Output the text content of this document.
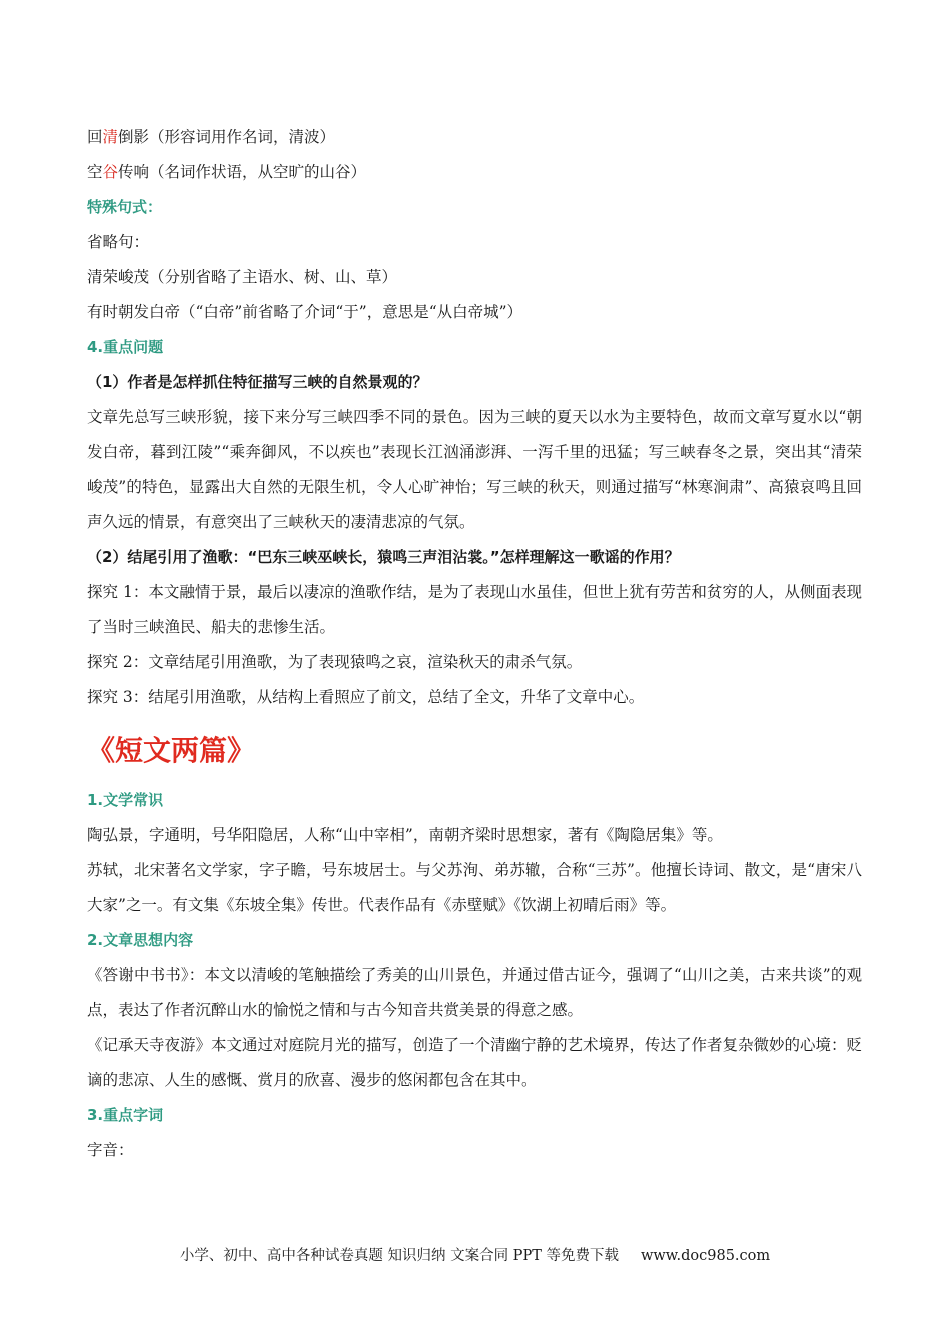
回清倒影（形容词用作名词，清波）
空谷传响（名词作状语，从空旷的山谷）
特殊句式：
省略句：
清荣峻茂（分别省略了主语水、树、山、草）
有时朝发白帝（“白帝”前省略了介词“于”，意思是“从白帝城”）
4.重点问题
（1）作者是怎样抓住特征描写三峡的自然景观的？
文章先总写三峡形貌，接下来分写三峡四季不同的景色。因为三峡的夏天以水为主要特色，故而文章写夏水以“朝发白帝，暮到江陵”“乘奔御风，不以疾也”表现长江汹涌澎湃、一泻千里的迅猛；写三峡春冬之景，突出其“清荣峻茂”的特色，显露出大自然的无限生机，令人心旷神怡；写三峡的秋天，则通过描写“林寒涧肃”、高猿哀鸣且回声久远的情景，有意突出了三峡秋天的凄清悲凉的气氛。
（2）结尾引用了渔歌：“巴东三峡巫峡长，猿鸣三声泪沾裳。”怎样理解这一歌谣的作用？
探究 1：本文融情于景，最后以凄凉的渔歌作结，是为了表现山水虽佳，但世上犹有劳苦和贫穷的人，从侧面表现了当时三峡渔民、船夫的悲惨生活。
探究 2：文章结尾引用渔歌，为了表现猿鸣之哀，渲染秋天的肃杀气氛。
探究 3：结尾引用渔歌，从结构上看照应了前文，总结了全文，升华了文章中心。
《短文两篇》
1.文学常识
陶弘景，字通明，号华阳隐居，人称“山中宰相”，南朝齐梁时思想家，著有《陶隐居集》等。
苏轼，北宋著名文学家，字子瞻，号东坡居士。与父苏洵、弟苏辙，合称“三苏”。他擅长诗词、散文，是“唐宋八大家”之一。有文集《东坡全集》传世。代表作品有《赤壁赋》《饮湖上初晴后雨》等。
2.文章思想内容
《答谢中书书》：本文以清峻的笔触描绘了秀美的山川景色，并通过借古证今，强调了“山川之美，古来共谈”的观点，表达了作者沉醉山水的愉悦之情和与古今知音共赏美景的得意之感。
《记承天寺夜游》本文通过对庭院月光的描写，创造了一个清幽宁静的艺术境界，传达了作者复杂微妙的心境：贬谪的悲凉、人生的感慨、赏月的欣喜、漫步的悠闲都包含在其中。
3.重点字词
字音：
小学、初中、高中各种试卷真题 知识归纳 文案合同 PPT 等免费下载 www.doc985.com
